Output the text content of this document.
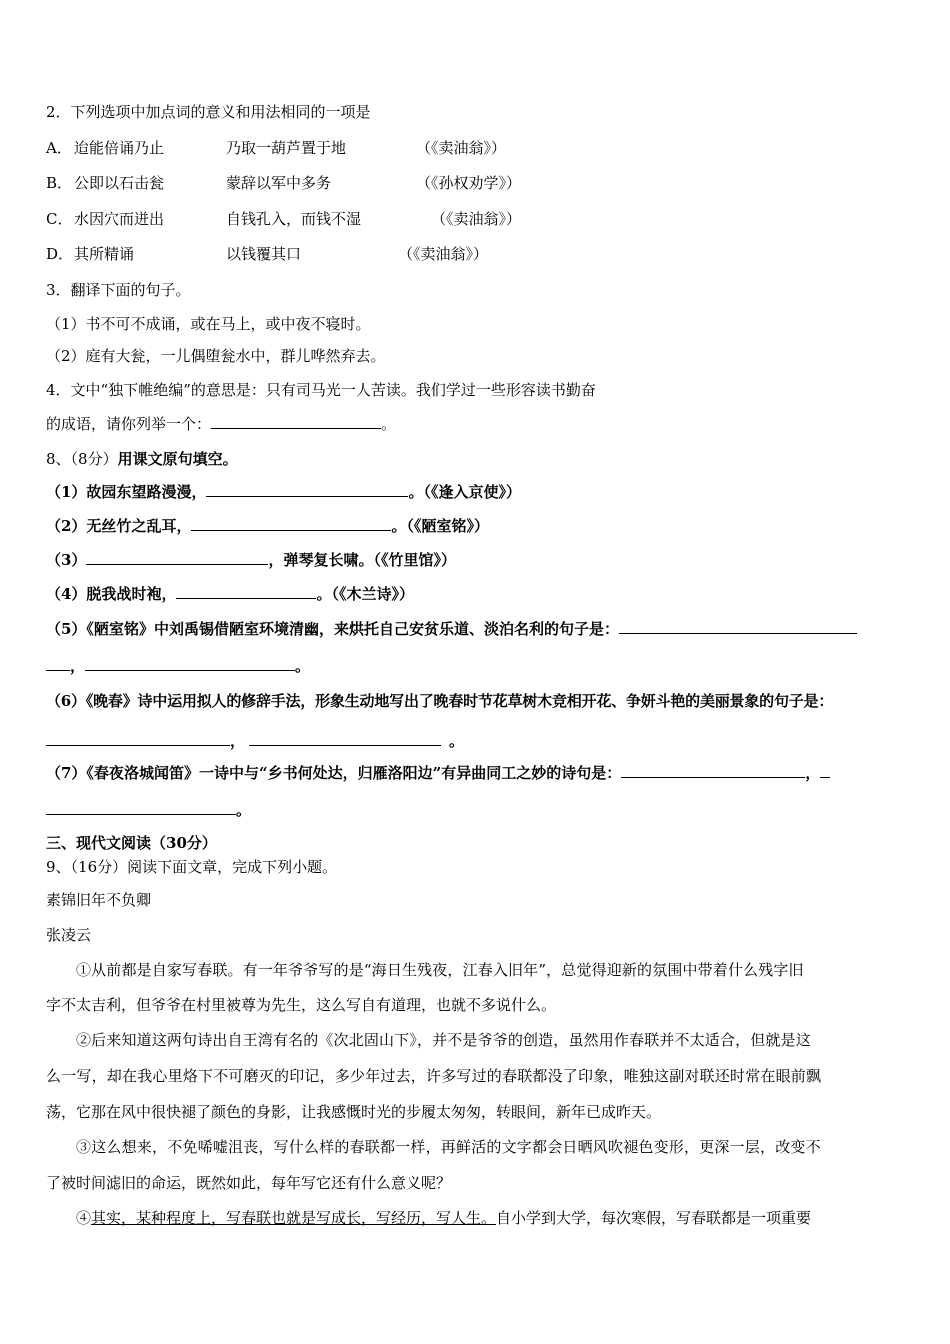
2．下列选项中加点词的意义和用法相同的一项是
A． 迨能倍诵乃止	乃取一葫芦置于地	（《卖油翁》）
B． 公即以石击瓮	蒙辞以军中多务	（《孙权劝学》）
C． 水因穴而迸出	自钱孔入，而钱不湿	（《卖油翁》）
D． 其所精诵	以钱覆其口	（《卖油翁》）
3．翻译下面的句子。
（1）书不可不成诵，或在马上，或中夜不寝时。
（2）庭有大瓮，一儿偶堕瓮水中，群儿哗然弃去。
4．文中“独下帷绝编”的意思是：只有司马光一人苦读。我们学过一些形容读书勤奋
的成语，请你列举一个：	。
8、（8分）用课文原句填空。
（1）故园东望路漫漫，	。（《逢入京使》）
（2）无丝竹之乱耳，	。（《陋室铭》）
（3）	，弹琴复长啸。（《竹里馆》）
（4）脱我战时袍，	。（《木兰诗》）
（5）《陋室铭》中刘禹锡借陋室环境清幽，来烘托自己安贫乐道、淡泊名利的句子是：
，	。
（6）《晚春》诗中运用拟人的修辞手法，形象生动地写出了晚春时节花草树木竞相开花、争妍斗艳的美丽景象的句子是：
，	。
（7）《春夜洛城闻笛》一诗中与“乡书何处达，归雁洛阳边”有异曲同工之妙的诗句是：	，
。
三、现代文阅读（30分）
9、（16分）阅读下面文章，完成下列小题。
素锦旧年不负卿
张凌云
①从前都是自家写春联。有一年爷爷写的是“海日生残夜，江春入旧年”，总觉得迎新的氛围中带着什么残字旧
字不太吉利，但爷爷在村里被尊为先生，这么写自有道理，也就不多说什么。
②后来知道这两句诗出自王湾有名的《次北固山下》，并不是爷爷的创造，虽然用作春联并不太适合，但就是这
么一写，却在我心里烙下不可磨灭的印记，多少年过去，许多写过的春联都没了印象，唯独这副对联还时常在眼前飘
荡，它那在风中很快褪了颜色的身影，让我感慨时光的步履太匆匆，转眼间，新年已成昨天。
③这么想来，不免唏嘘沮丧，写什么样的春联都一样，再鲜活的文字都会日晒风吹褪色变形，更深一层，改变不
了被时间滤旧的命运，既然如此，每年写它还有什么意义呢？
④其实，某种程度上，写春联也就是写成长，写经历，写人生。自小学到大学，每次寒假，写春联都是一项重要
